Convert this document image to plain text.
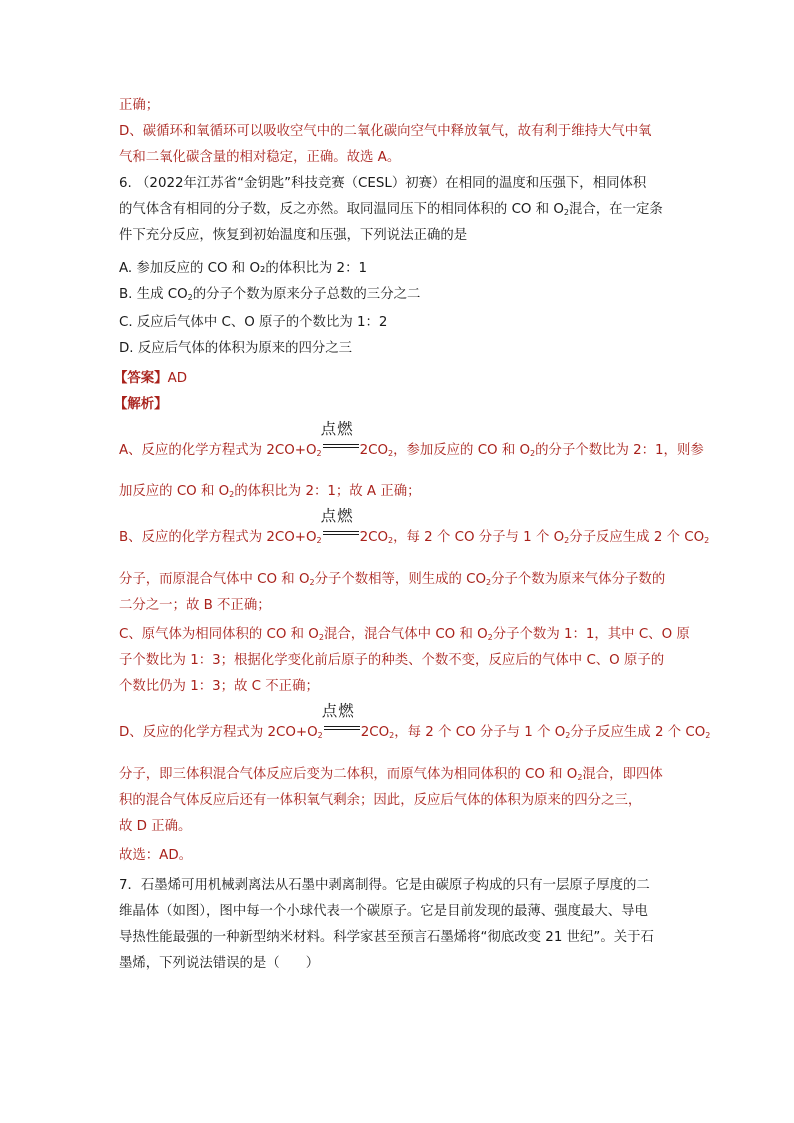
正确；
D、碳循环和氧循环可以吸收空气中的二氧化碳向空气中释放氧气，故有利于维持大气中氧
气和二氧化碳含量的相对稳定，正确。故选 A。
6. （2022年江苏省“金钥匙”科技竞赛（CESL）初赛）在相同的温度和压强下，相同体积
的气体含有相同的分子数，反之亦然。取同温同压下的相同体积的 CO 和 $O_2$混合，在一定条
件下充分反应，恢复到初始温度和压强，下列说法正确的是
A. 参加反应的 CO 和 O₂的体积比为 2：1
B. 生成 $CO_2$的分子个数为原来分子总数的三分之二
C. 反应后气体中 C、O 原子的个数比为 1：2
D. 反应后气体的体积为原来的四分之三
【答案】AD
【解析】
A、反应的化学方程式为 $2CO+O_2$
点燃
$2CO_2$，参加反应的 CO 和 $O_2$的分子个数比为 2：1，则参
加反应的 CO 和 $O_2$的体积比为 2：1；故 A 正确；
B、反应的化学方程式为 $2CO+O_2$
点燃
$2CO_2$，每 2 个 CO 分子与 1 个 $O_2$分子反应生成 2 个 $CO_2$
分子，而原混合气体中 CO 和 $O_2$分子个数相等，则生成的 $CO_2$分子个数为原来气体分子数的
二分之一；故 B 不正确；
C、原气体为相同体积的 CO 和 $O_2$混合，混合气体中 CO 和 $O_2$分子个数为 1：1，其中 C、O 原
子个数比为 1：3；根据化学变化前后原子的种类、个数不变，反应后的气体中 C、O 原子的
个数比仍为 1：3；故 C 不正确；
D、反应的化学方程式为 $2CO+O_2$
点燃
$2CO_2$，每 2 个 CO 分子与 1 个 $O_2$分子反应生成 2 个 $CO_2$
分子，即三体积混合气体反应后变为二体积，而原气体为相同体积的 CO 和 $O_2$混合，即四体
积的混合气体反应后还有一体积氧气剩余；因此，反应后气体的体积为原来的四分之三，
故 D 正确。
故选：AD。
7．石墨烯可用机械剥离法从石墨中剥离制得。它是由碳原子构成的只有一层原子厚度的二
维晶体（如图），图中每一个小球代表一个碳原子。它是目前发现的最薄、强度最大、导电
导热性能最强的一种新型纳米材料。科学家甚至预言石墨烯将“彻底改变 21 世纪”。关于石
墨烯，下列说法错误的是（ ）
